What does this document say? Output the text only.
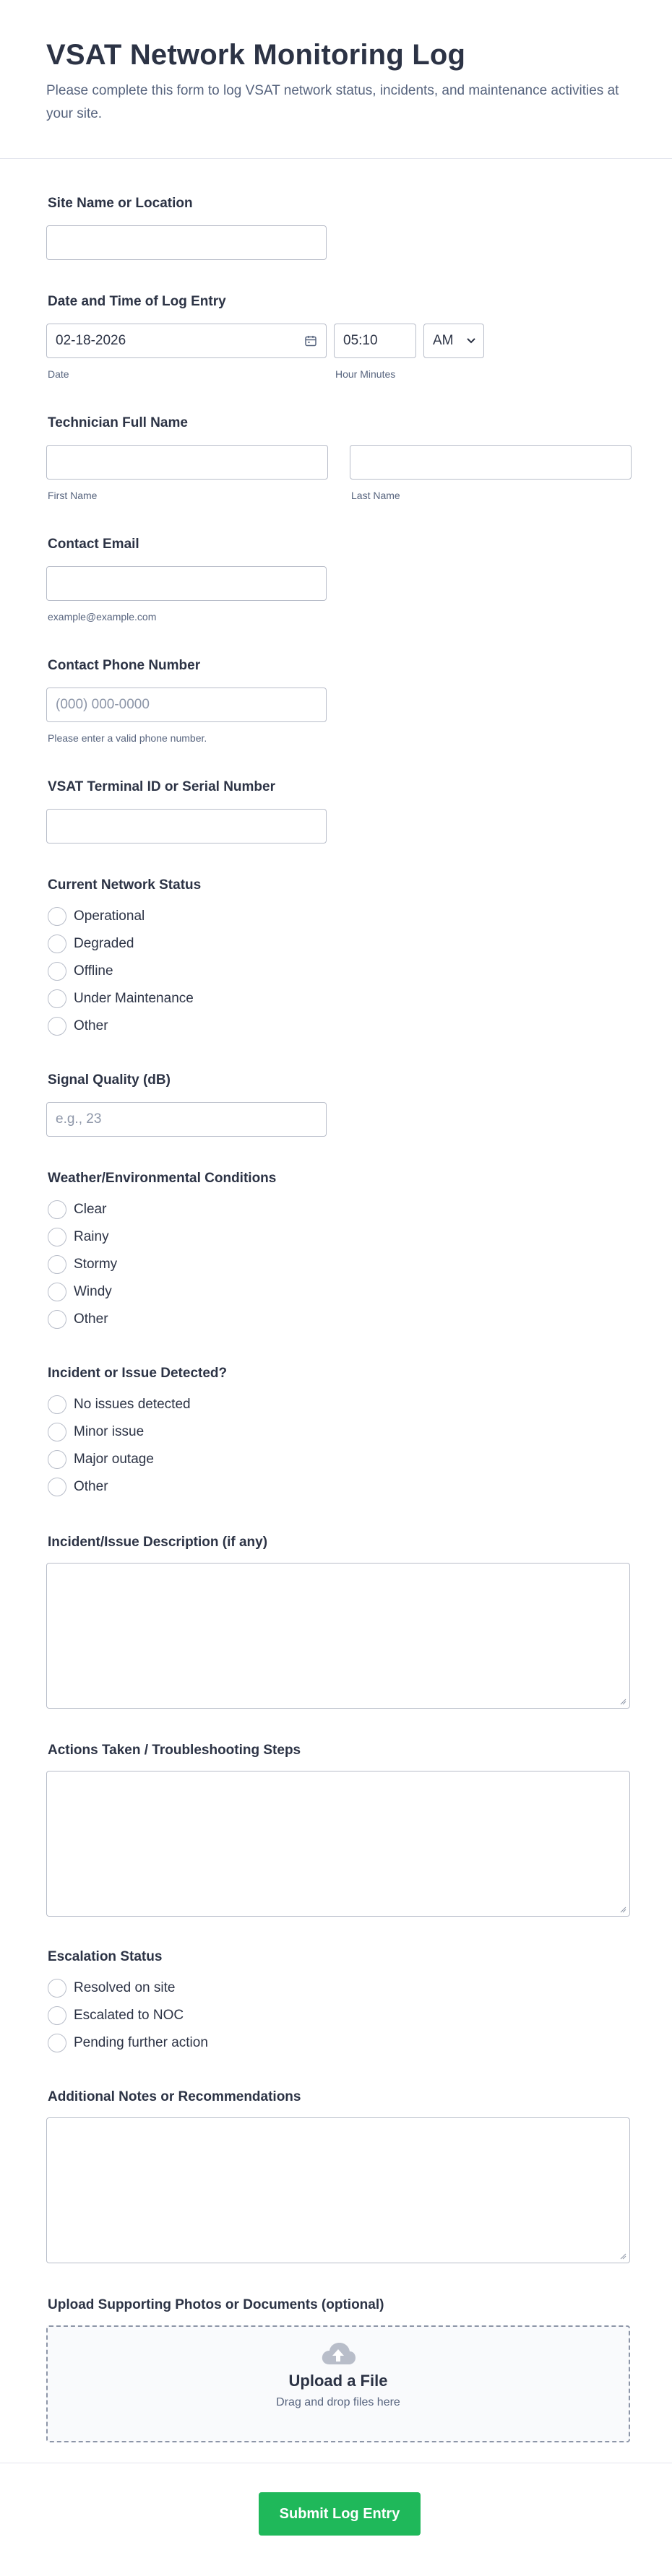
VSAT Network Monitoring Log

Please complete this form to log VSAT network status, incidents, and maintenance activities at your site.

Site Name or Location
Date and Time of Log Entry
02-18-2026	05:10	AM
Date	Hour Minutes
Technician Full Name
First Name	Last Name
Contact Email
example@example.com
Contact Phone Number
(000) 000-0000
Please enter a valid phone number.
VSAT Terminal ID or Serial Number
Current Network Status
Operational
Degraded
Offline
Under Maintenance
Other
Signal Quality (dB)
e.g., 23
Weather/Environmental Conditions
Clear
Rainy
Stormy
Windy
Other
Incident or Issue Detected?
No issues detected
Minor issue
Major outage
Other
Incident/Issue Description (if any)
Actions Taken / Troubleshooting Steps
Escalation Status
Resolved on site
Escalated to NOC
Pending further action
Additional Notes or Recommendations
Upload Supporting Photos or Documents (optional)
Upload a File
Drag and drop files here
Submit Log Entry
